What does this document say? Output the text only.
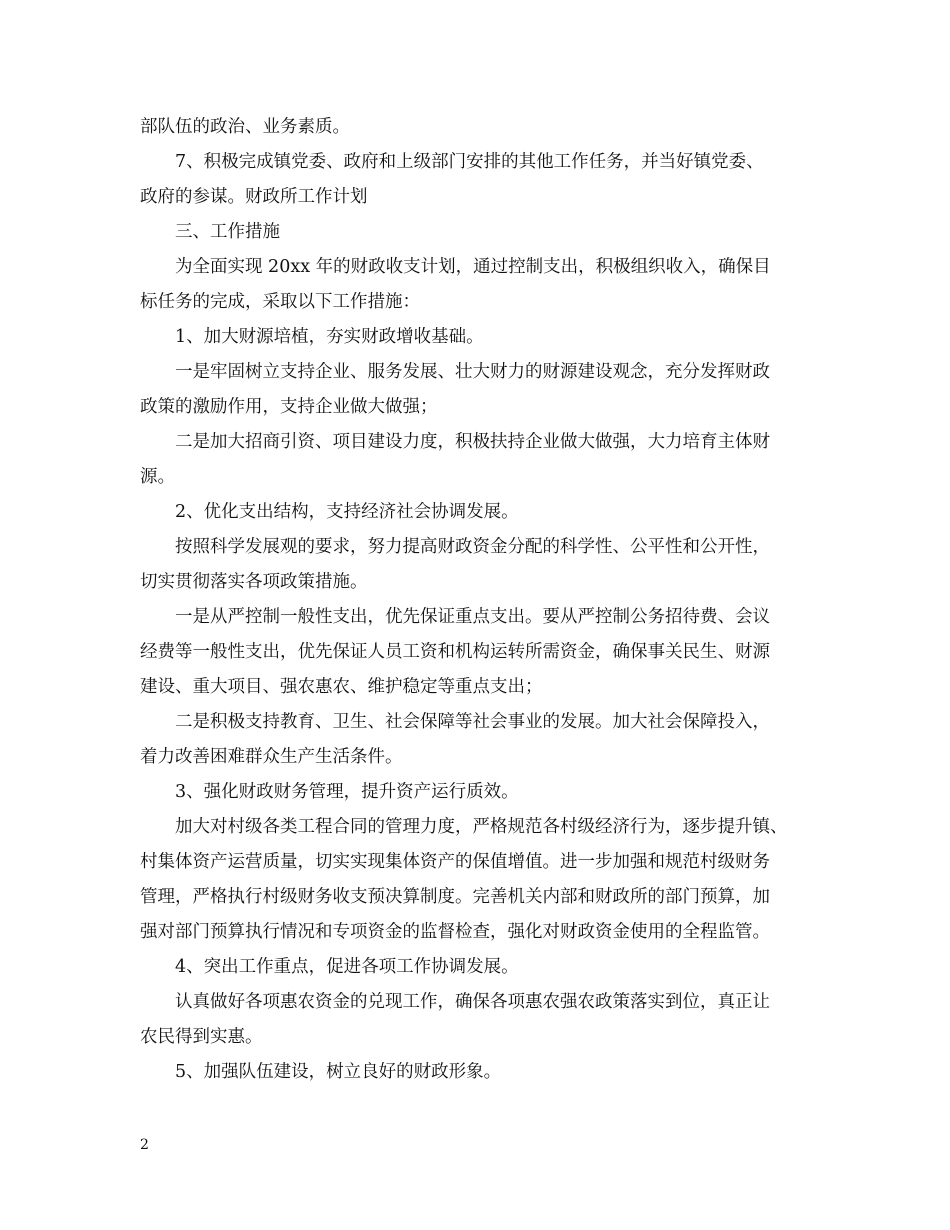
部队伍的政治、业务素质。
7、积极完成镇党委、政府和上级部门安排的其他工作任务，并当好镇党委、
政府的参谋。财政所工作计划
三、工作措施
为全面实现 20xx 年的财政收支计划，通过控制支出，积极组织收入，确保目
标任务的完成，采取以下工作措施：
1、加大财源培植，夯实财政增收基础。
一是牢固树立支持企业、服务发展、壮大财力的财源建设观念，充分发挥财政
政策的激励作用，支持企业做大做强；
二是加大招商引资、项目建设力度，积极扶持企业做大做强，大力培育主体财
源。
2、优化支出结构，支持经济社会协调发展。
按照科学发展观的要求，努力提高财政资金分配的科学性、公平性和公开性，
切实贯彻落实各项政策措施。
一是从严控制一般性支出，优先保证重点支出。要从严控制公务招待费、会议
经费等一般性支出，优先保证人员工资和机构运转所需资金，确保事关民生、财源
建设、重大项目、强农惠农、维护稳定等重点支出；
二是积极支持教育、卫生、社会保障等社会事业的发展。加大社会保障投入，
着力改善困难群众生产生活条件。
3、强化财政财务管理，提升资产运行质效。
加大对村级各类工程合同的管理力度，严格规范各村级经济行为，逐步提升镇、
村集体资产运营质量，切实实现集体资产的保值增值。进一步加强和规范村级财务
管理，严格执行村级财务收支预决算制度。完善机关内部和财政所的部门预算，加
强对部门预算执行情况和专项资金的监督检查，强化对财政资金使用的全程监管。
4、突出工作重点，促进各项工作协调发展。
认真做好各项惠农资金的兑现工作，确保各项惠农强农政策落实到位，真正让
农民得到实惠。
5、加强队伍建设，树立良好的财政形象。
2
